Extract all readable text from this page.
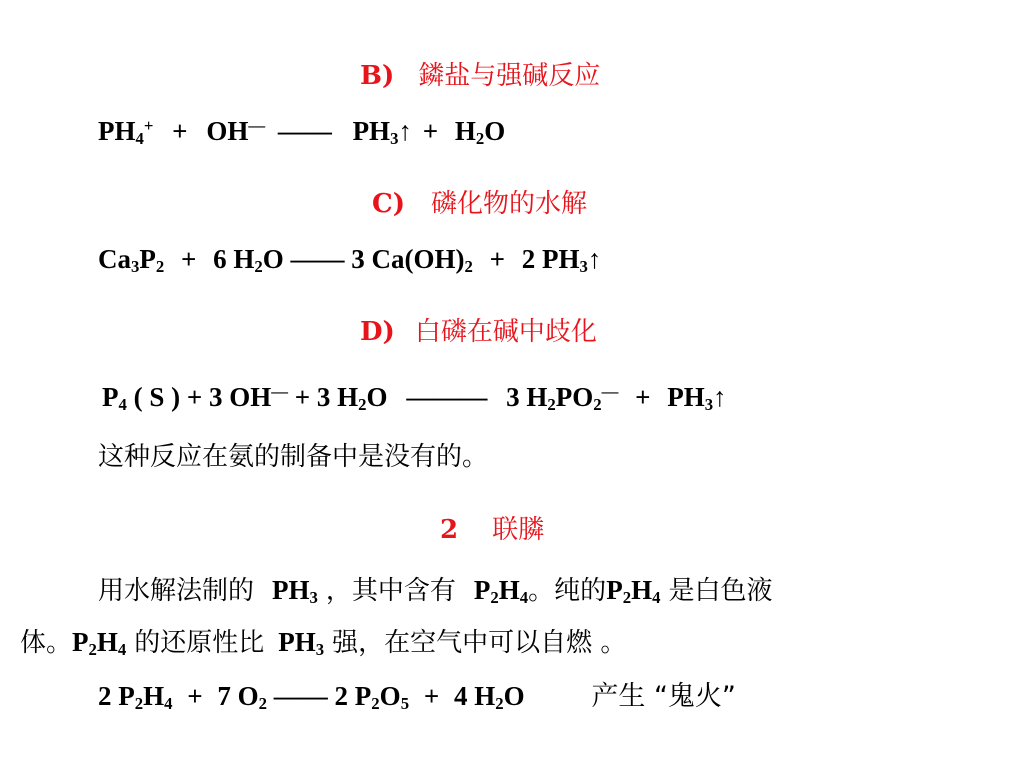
B) 鏻盐与强碱反应
$PH_4^+ + OH^—$ —— $PH_3↑ + H_2O$
C) 磷化物的水解
$Ca_3P_2 + 6$ $H_2O$ —— 3 $Ca(OH)_2 + 2$ $PH_3↑$
D) 白磷在碱中歧化
$P_4$ ( S ) + 3 OH— + 3 $H_2O$ ——— 3 $H_2PO_2^—$ + $PH_3↑$
这种反应在氨的制备中是没有的。
2 联膦
用水解法制的 $PH_3$ ，其中含有 $P_2H_4$。纯的$P_2H_4$ 是白色液
体。$P_2H_4$ 的还原性比 $PH_3$ 强，在空气中可以自燃 。
2 $P_2H_4 + 7$ $O_2$ —— 2 $P_2O_5 + 4$ $H_2O$ 产生 “鬼火”
